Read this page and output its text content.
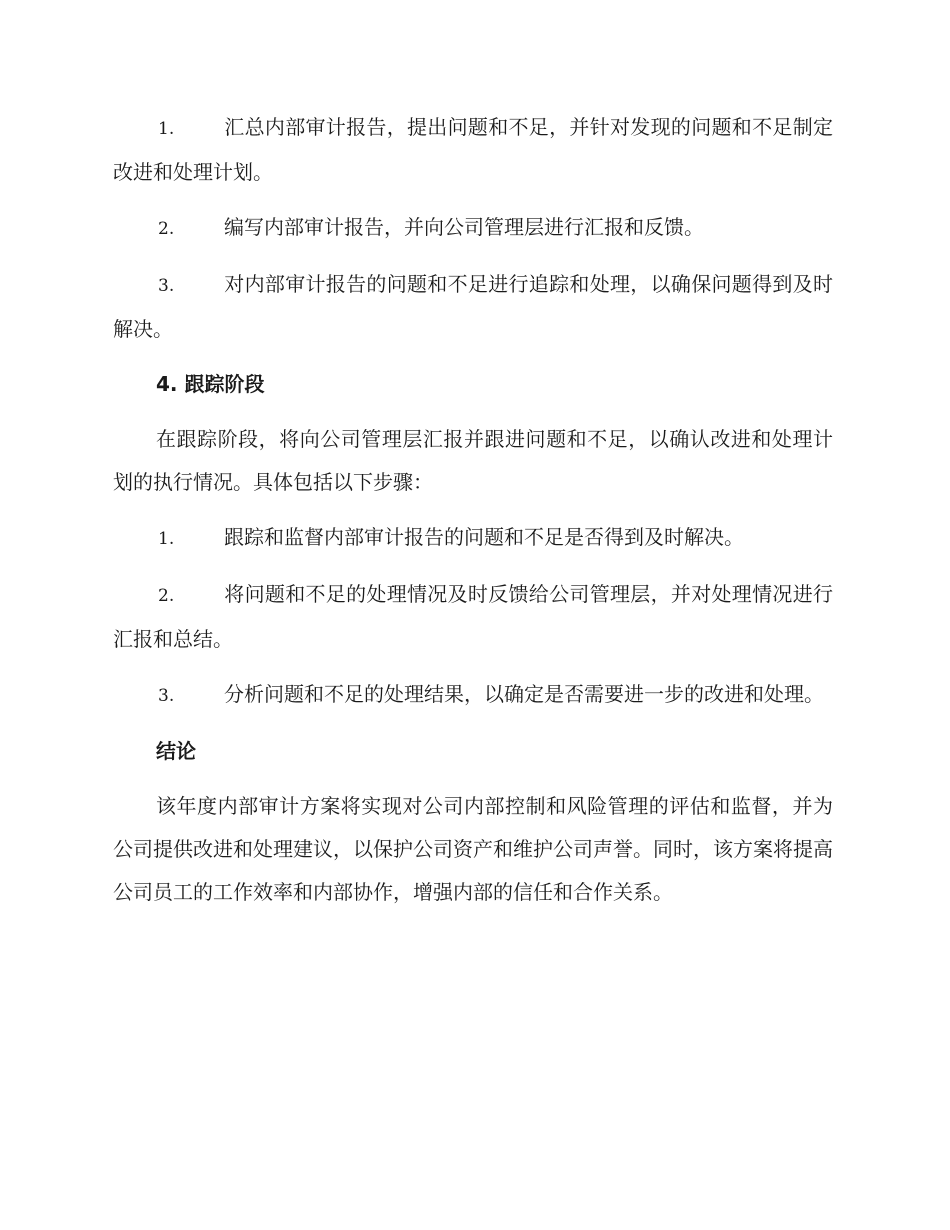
1. 汇总内部审计报告，提出问题和不足，并针对发现的问题和不足制定改进和处理计划。

2. 编写内部审计报告，并向公司管理层进行汇报和反馈。

3. 对内部审计报告的问题和不足进行追踪和处理，以确保问题得到及时解决。

4. 跟踪阶段

在跟踪阶段，将向公司管理层汇报并跟进问题和不足，以确认改进和处理计划的执行情况。具体包括以下步骤：

1. 跟踪和监督内部审计报告的问题和不足是否得到及时解决。

2. 将问题和不足的处理情况及时反馈给公司管理层，并对处理情况进行汇报和总结。

3. 分析问题和不足的处理结果，以确定是否需要进一步的改进和处理。

结论

该年度内部审计方案将实现对公司内部控制和风险管理的评估和监督，并为公司提供改进和处理建议，以保护公司资产和维护公司声誉。同时，该方案将提高公司员工的工作效率和内部协作，增强内部的信任和合作关系。
